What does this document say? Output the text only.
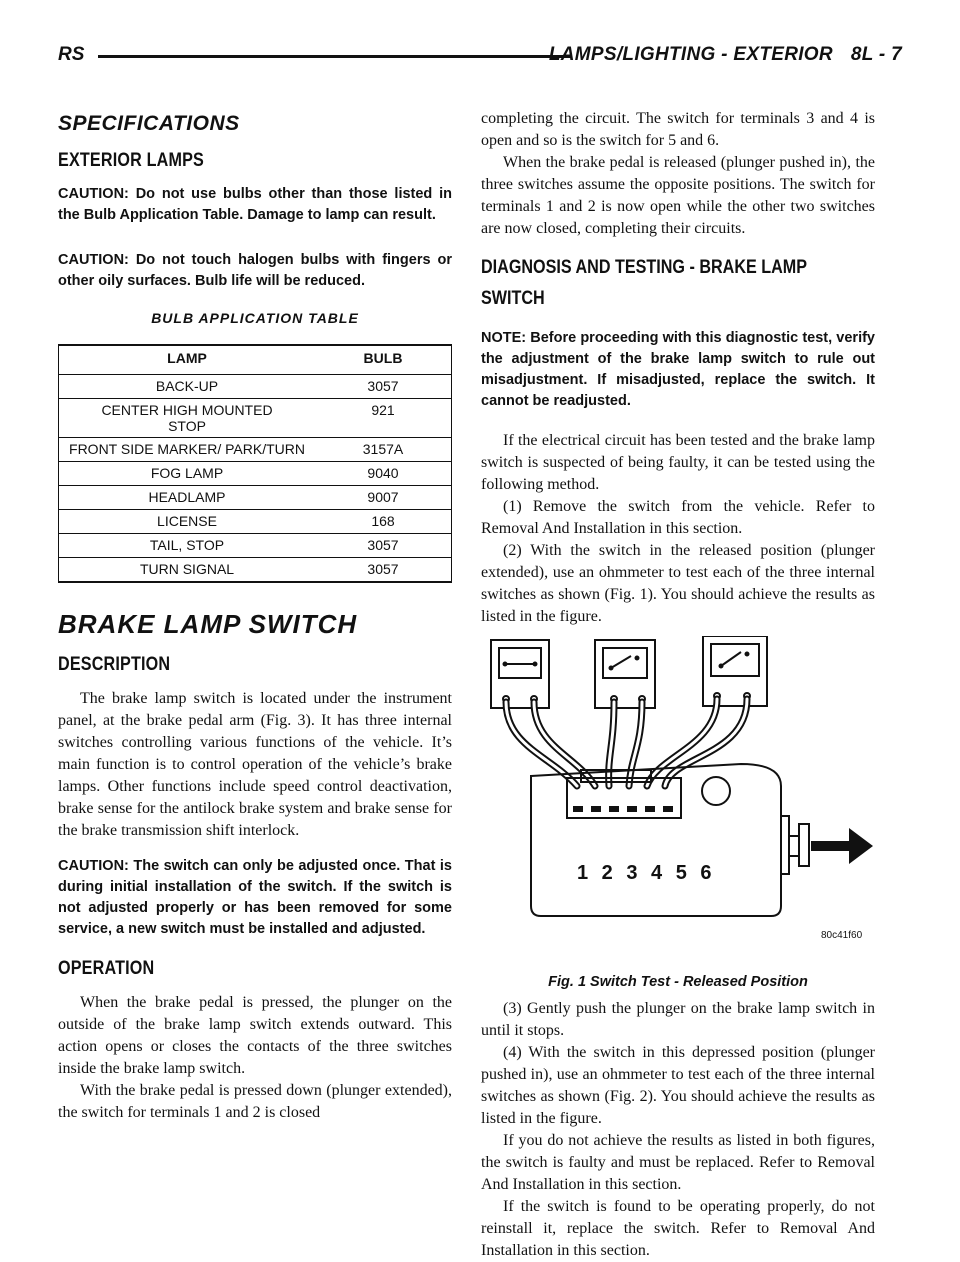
RS	LAMPS/LIGHTING - EXTERIOR 8L - 7
SPECIFICATIONS
EXTERIOR LAMPS

CAUTION: Do not use bulbs other than those listed in the Bulb Application Table. Damage to lamp can result.

CAUTION: Do not touch halogen bulbs with fingers or other oily surfaces. Bulb life will be reduced.

BULB APPLICATION TABLE
LAMP	BULB
BACK-UP	3057
CENTER HIGH MOUNTED STOP	921
FRONT SIDE MARKER/ PARK/TURN	3157A
FOG LAMP	9040
HEADLAMP	9007
LICENSE	168
TAIL, STOP	3057
TURN SIGNAL	3057
BRAKE LAMP SWITCH
DESCRIPTION

The brake lamp switch is located under the instrument panel, at the brake pedal arm (Fig. 3). It has three internal switches controlling various functions of the vehicle. It’s main function is to control operation of the vehicle’s brake lamps. Other functions include speed control deactivation, brake sense for the antilock brake system and brake sense for the brake transmission shift interlock.

CAUTION: The switch can only be adjusted once. That is during initial installation of the switch. If the switch is not adjusted properly or has been removed for some service, a new switch must be installed and adjusted.

OPERATION

When the brake pedal is pressed, the plunger on the outside of the brake lamp switch extends outward. This action opens or closes the contacts of the three switches inside the brake lamp switch.

With the brake pedal is pressed down (plunger extended), the switch for terminals 1 and 2 is closed

completing the circuit. The switch for terminals 3 and 4 is open and so is the switch for 5 and 6.

When the brake pedal is released (plunger pushed in), the three switches assume the opposite positions. The switch for terminals 1 and 2 is now open while the other two switches are now closed, completing their circuits.

DIAGNOSIS AND TESTING - BRAKE LAMP SWITCH

NOTE: Before proceeding with this diagnostic test, verify the adjustment of the brake lamp switch to rule out misadjustment. If misadjusted, replace the switch. It cannot be readjusted.

If the electrical circuit has been tested and the brake lamp switch is suspected of being faulty, it can be tested using the following method.

(1) Remove the switch from the vehicle. Refer to Removal And Installation in this section.

(2) With the switch in the released position (plunger extended), use an ohmmeter to test each of the three internal switches as shown (Fig. 1). You should achieve the results as listed in the figure.

1 2 3 4 5 6
80c41f60
Fig. 1 Switch Test - Released Position

(3) Gently push the plunger on the brake lamp switch in until it stops.

(4) With the switch in this depressed position (plunger pushed in), use an ohmmeter to test each of the three internal switches as shown (Fig. 2). You should achieve the results as listed in the figure.

If you do not achieve the results as listed in both figures, the switch is faulty and must be replaced. Refer to Removal And Installation in this section.

If the switch is found to be operating properly, do not reinstall it, replace the switch. Refer to Removal And Installation in this section.
